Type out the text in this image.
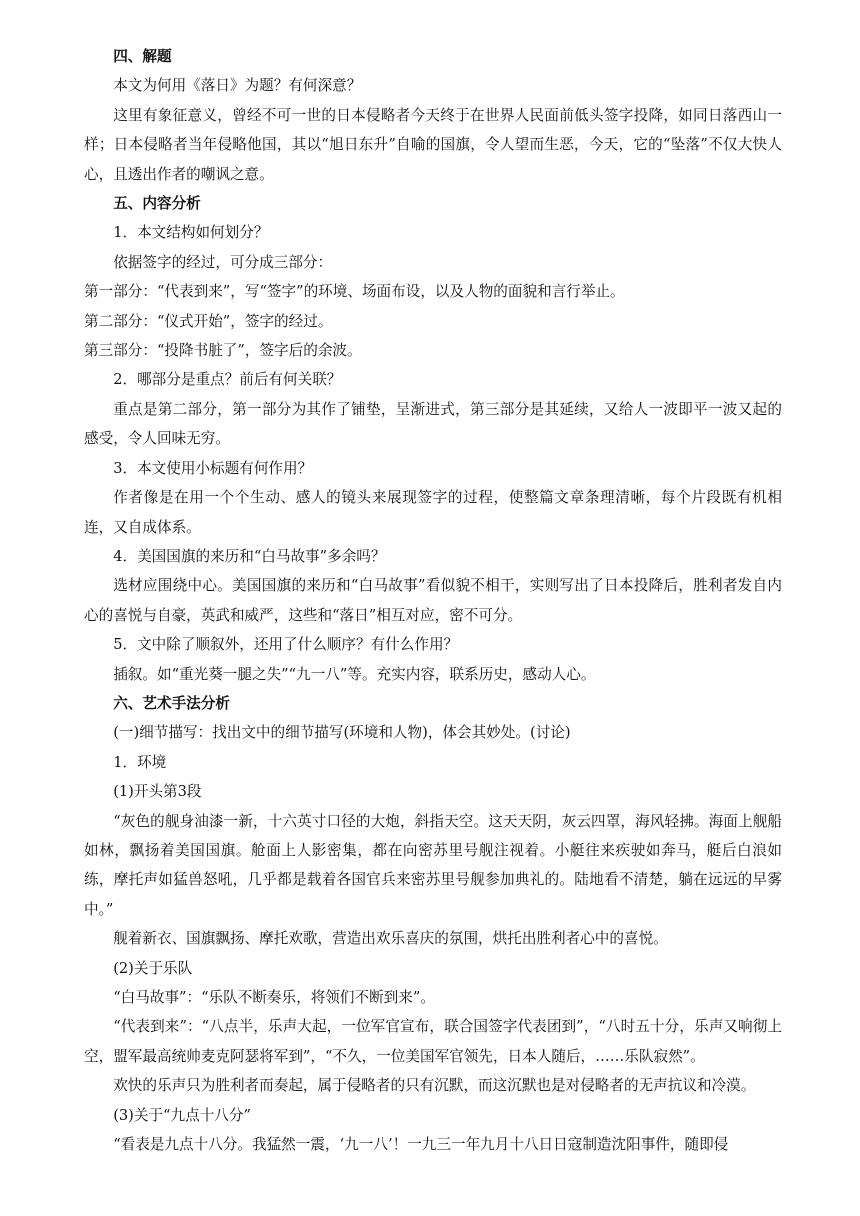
四、解题

本文为何用《落日》为题？有何深意？

这里有象征意义，曾经不可一世的日本侵略者今天终于在世界人民面前低头签字投降，如同日落西山一样；日本侵略者当年侵略他国，其以“旭日东升”自喻的国旗，令人望而生恶，今天，它的“坠落”不仅大快人心，且透出作者的嘲讽之意。

五、内容分析

1．本文结构如何划分？

依据签字的经过，可分成三部分：

第一部分：“代表到来”，写“签字”的环境、场面布设，以及人物的面貌和言行举止。

第二部分：“仪式开始”，签字的经过。

第三部分：“投降书脏了”，签字后的余波。

2．哪部分是重点？前后有何关联？

重点是第二部分，第一部分为其作了铺垫，呈渐进式，第三部分是其延续，又给人一波即平一波又起的感受，令人回味无穷。

3．本文使用小标题有何作用？

作者像是在用一个个生动、感人的镜头来展现签字的过程，使整篇文章条理清晰，每个片段既有机相连，又自成体系。

4．美国国旗的来历和“白马故事”多余吗？

选材应围绕中心。美国国旗的来历和“白马故事”看似貌不相干，实则写出了日本投降后，胜利者发自内心的喜悦与自豪，英武和威严，这些和“落日”相互对应，密不可分。

5．文中除了顺叙外，还用了什么顺序？有什么作用？

插叙。如“重光葵一腿之失”“九一八”等。充实内容，联系历史，感动人心。

六、艺术手法分析

(一)细节描写：找出文中的细节描写(环境和人物)，体会其妙处。(讨论)

1．环境

(1)开头第3段

“灰色的舰身油漆一新，十六英寸口径的大炮，斜指天空。这天天阴，灰云四罩，海风轻拂。海面上舰船如林，飘扬着美国国旗。舱面上人影密集，都在向密苏里号舰注视着。小艇往来疾驶如奔马，艇后白浪如练，摩托声如猛兽怒吼，几乎都是载着各国官兵来密苏里号舰参加典礼的。陆地看不清楚，躺在远远的早雾中。”

舰着新衣、国旗飘扬、摩托欢歌，营造出欢乐喜庆的氛围，烘托出胜利者心中的喜悦。

(2)关于乐队

“白马故事”：“乐队不断奏乐，将领们不断到来”。

“代表到来”：“八点半，乐声大起，一位军官宣布，联合国签字代表团到”，“八时五十分，乐声又响彻上空，盟军最高统帅麦克阿瑟将军到”，“不久，一位美国军官领先，日本人随后，……乐队寂然”。

欢快的乐声只为胜利者而奏起，属于侵略者的只有沉默，而这沉默也是对侵略者的无声抗议和冷漠。

(3)关于“九点十八分”

“看表是九点十八分。我猛然一震，‘九一八’！一九三一年九月十八日日寇制造沈阳事件，随即侵
